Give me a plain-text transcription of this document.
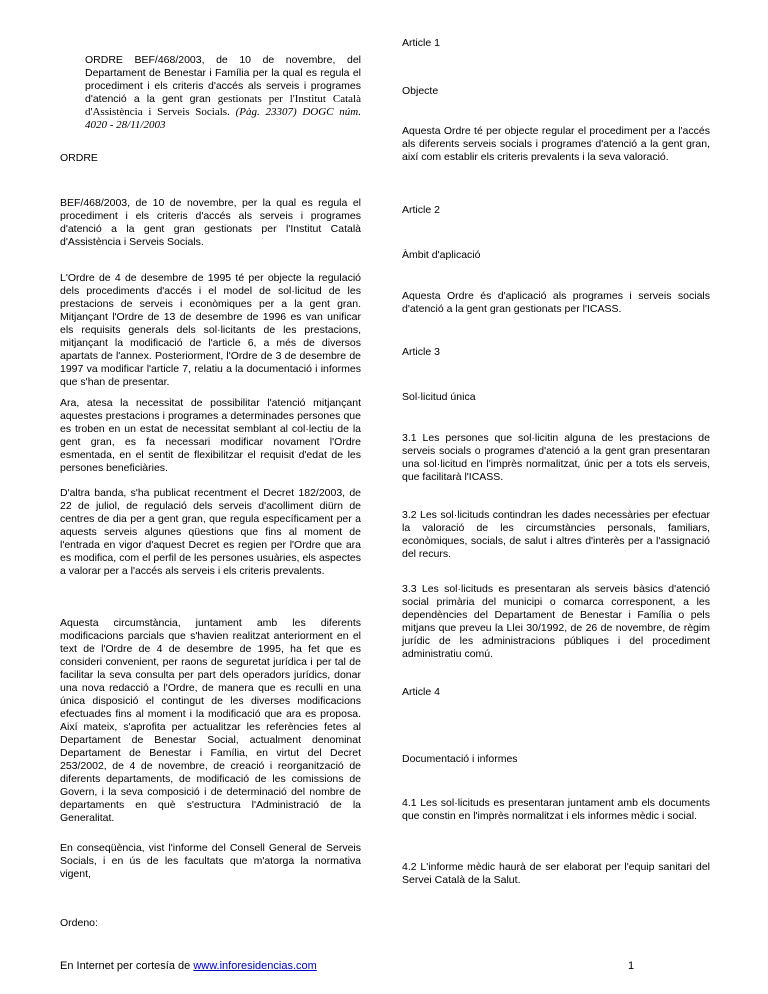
ORDRE BEF/468/2003, de 10 de novembre, del Departament de Benestar i Família per la qual es regula el procediment i els criteris d'accés als serveis i programes d'atenció a la gent gran gestionats per l'Institut Català d'Assistència i Serveis Socials. (Pàg. 23307) DOGC núm. 4020 - 28/11/2003

ORDRE

BEF/468/2003, de 10 de novembre, per la qual es regula el procediment i els criteris d'accés als serveis i programes d'atenció a la gent gran gestionats per l'Institut Català d'Assistència i Serveis Socials.

L'Ordre de 4 de desembre de 1995 té per objecte la regulació dels procediments d'accés i el model de sol·licitud de les prestacions de serveis i econòmiques per a la gent gran. Mitjançant l'Ordre de 13 de desembre de 1996 es van unificar els requisits generals dels sol·licitants de les prestacions, mitjançant la modificació de l'article 6, a més de diversos apartats de l'annex. Posteriorment, l'Ordre de 3 de desembre de 1997 va modificar l'article 7, relatiu a la documentació i informes que s'han de presentar.

Ara, atesa la necessitat de possibilitar l'atenció mitjançant aquestes prestacions i programes a determinades persones que es troben en un estat de necessitat semblant al col·lectiu de la gent gran, es fa necessari modificar novament l'Ordre esmentada, en el sentit de flexibilitzar el requisit d'edat de les persones beneficiàries.

D'altra banda, s'ha publicat recentment el Decret 182/2003, de 22 de juliol, de regulació dels serveis d'acolliment diürn de centres de dia per a gent gran, que regula específicament per a aquests serveis algunes qüestions que fins al moment de l'entrada en vigor d'aquest Decret es regien per l'Ordre que ara es modifica, com el perfil de les persones usuàries, els aspectes a valorar per a l'accés als serveis i els criteris prevalents.

Aquesta circumstància, juntament amb les diferents modificacions parcials que s'havien realitzat anteriorment en el text de l'Ordre de 4 de desembre de 1995, ha fet que es consideri convenient, per raons de seguretat jurídica i per tal de facilitar la seva consulta per part dels operadors jurídics, donar una nova redacció a l'Ordre, de manera que es reculli en una única disposició el contingut de les diverses modificacions efectuades fins al moment i la modificació que ara es proposa. Així mateix, s'aprofita per actualitzar les referències fetes al Departament de Benestar Social, actualment denominat Departament de Benestar i Família, en virtut del Decret 253/2002, de 4 de novembre, de creació i reorganització de diferents departaments, de modificació de les comissions de Govern, i la seva composició i de determinació del nombre de departaments en què s'estructura l'Administració de la Generalitat.

En conseqüència, vist l'informe del Consell General de Serveis Socials, i en ús de les facultats que m'atorga la normativa vigent,

Ordeno:

Article 1

Objecte

Aquesta Ordre té per objecte regular el procediment per a l'accés als diferents serveis socials i programes d'atenció a la gent gran, així com establir els criteris prevalents i la seva valoració.

Article 2

Àmbit d'aplicació

Aquesta Ordre és d'aplicació als programes i serveis socials d'atenció a la gent gran gestionats per l'ICASS.

Article 3

Sol·licitud única

3.1 Les persones que sol·licitin alguna de les prestacions de serveis socials o programes d'atenció a la gent gran presentaran una sol·licitud en l'imprès normalitzat, únic per a tots els serveis, que facilitarà l'ICASS.

3.2 Les sol·licituds contindran les dades necessàries per efectuar la valoració de les circumstàncies personals, familiars, econòmiques, socials, de salut i altres d'interès per a l'assignació del recurs.

3.3 Les sol·licituds es presentaran als serveis bàsics d'atenció social primària del municipi o comarca corresponent, a les dependències del Departament de Benestar i Família o pels mitjans que preveu la Llei 30/1992, de 26 de novembre, de règim jurídic de les administracions públiques i del procediment administratiu comú.

Article 4

Documentació i informes

4.1 Les sol·licituds es presentaran juntament amb els documents que constin en l'imprès normalitzat i els informes mèdic i social.

4.2 L'informe mèdic haurà de ser elaborat per l'equip sanitari del Servei Català de la Salut.

En Internet per cortesía de www.inforesidencias.com	1
